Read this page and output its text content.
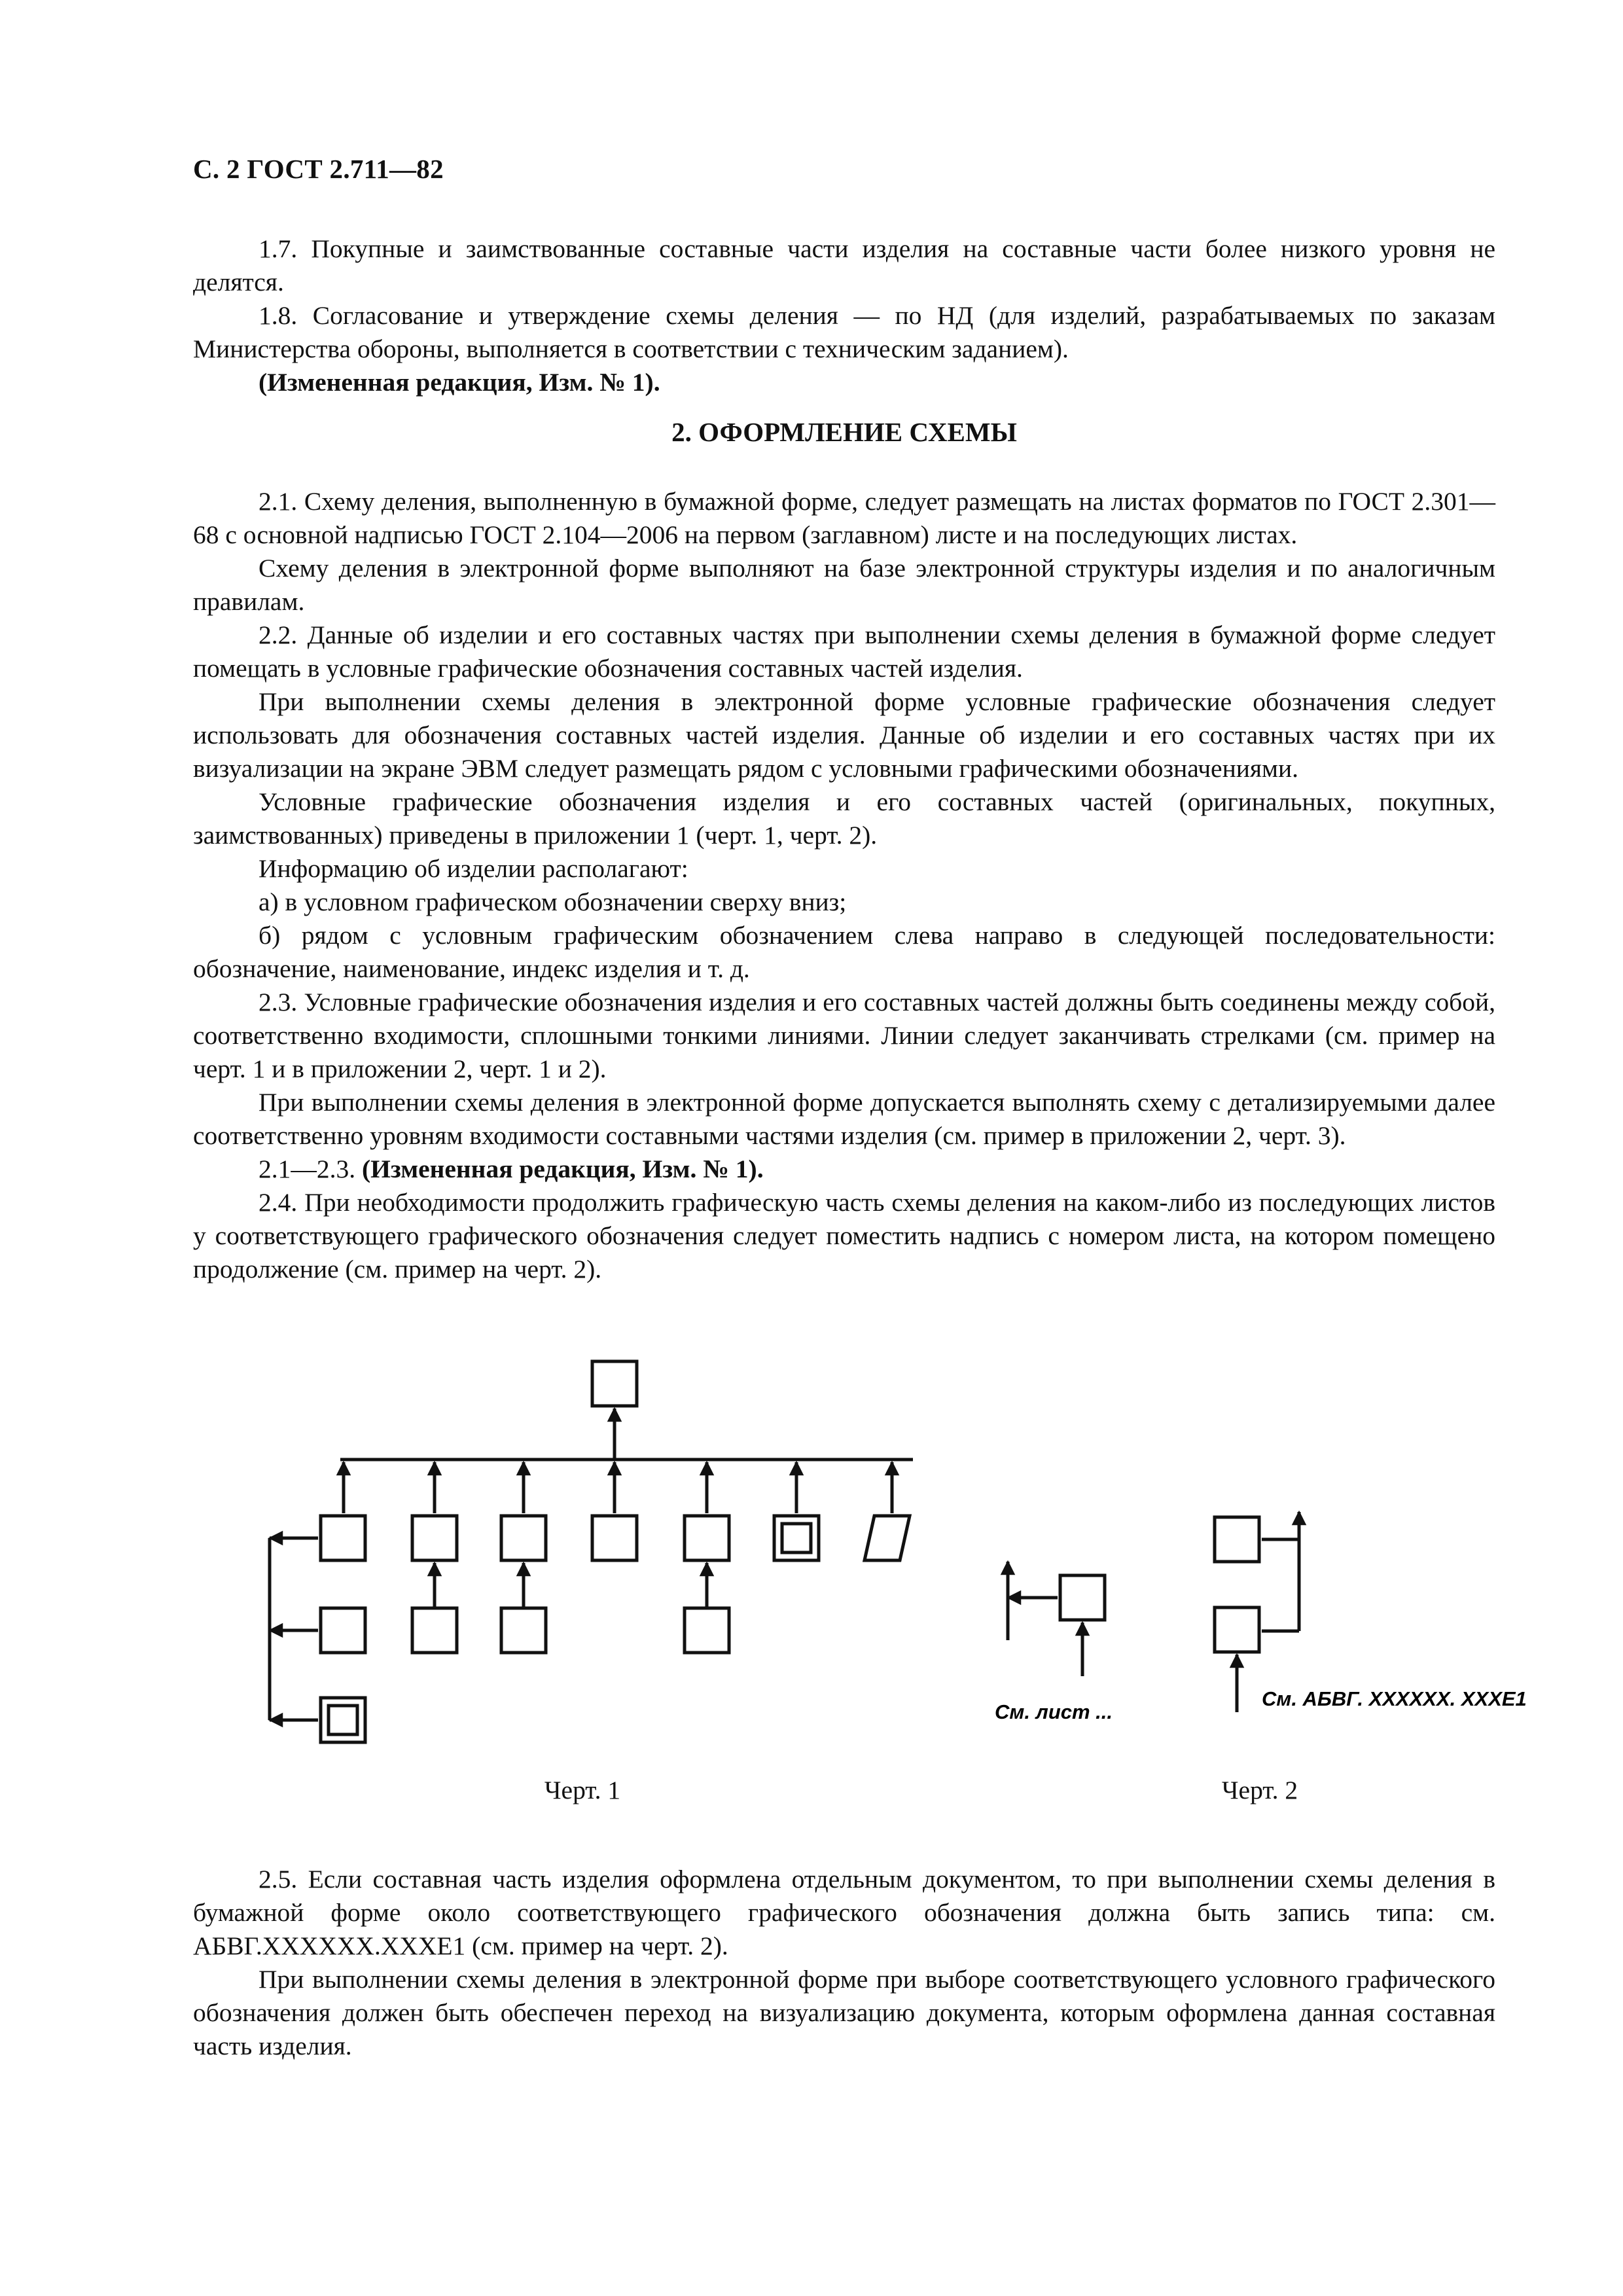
С. 2 ГОСТ 2.711—82

1.7. Покупные и заимствованные составные части изделия на составные части более низкого уровня не делятся.

1.8. Согласование и утверждение схемы деления — по НД (для изделий, разрабатываемых по заказам Министерства обороны, выполняется в соответствии с техническим заданием).

(Измененная редакция, Изм. № 1).

2. ОФОРМЛЕНИЕ СХЕМЫ

2.1. Схему деления, выполненную в бумажной форме, следует размещать на листах форматов по ГОСТ 2.301—68 с основной надписью ГОСТ 2.104—2006 на первом (заглавном) листе и на последующих листах.

Схему деления в электронной форме выполняют на базе электронной структуры изделия и по аналогичным правилам.

2.2. Данные об изделии и его составных частях при выполнении схемы деления в бумажной форме следует помещать в условные графические обозначения составных частей изделия.

При выполнении схемы деления в электронной форме условные графические обозначения следует использовать для обозначения составных частей изделия. Данные об изделии и его составных частях при их визуализации на экране ЭВМ следует размещать рядом с условными графическими обозначениями.

Условные графические обозначения изделия и его составных частей (оригинальных, покупных, заимствованных) приведены в приложении 1 (черт. 1, черт. 2).

Информацию об изделии располагают:

а) в условном графическом обозначении сверху вниз;

б) рядом с условным графическим обозначением слева направо в следующей последовательности: обозначение, наименование, индекс изделия и т. д.

2.3. Условные графические обозначения изделия и его составных частей должны быть соединены между собой, соответственно входимости, сплошными тонкими линиями. Линии следует заканчивать стрелками (см. пример на черт. 1 и в приложении 2, черт. 1 и 2).

При выполнении схемы деления в электронной форме допускается выполнять схему с детализируемыми далее соответственно уровням входимости составными частями изделия (см. пример в приложении 2, черт. 3).

2.1—2.3. (Измененная редакция, Изм. № 1).

2.4. При необходимости продолжить графическую часть схемы деления на каком-либо из последующих листов у соответствующего графического обозначения следует поместить надпись с номером листа, на котором помещено продолжение (см. пример на черт. 2).

См. лист ...
См. АБВГ. XXXXXX. XXXE1
Черт. 1	Черт. 2

2.5. Если составная часть изделия оформлена отдельным документом, то при выполнении схемы деления в бумажной форме около соответствующего графического обозначения должна быть запись типа: см. АБВГ.XXXXXX.XXXE1 (см. пример на черт. 2).

При выполнении схемы деления в электронной форме при выборе соответствующего условного графического обозначения должен быть обеспечен переход на визуализацию документа, которым оформлена данная составная часть изделия.
